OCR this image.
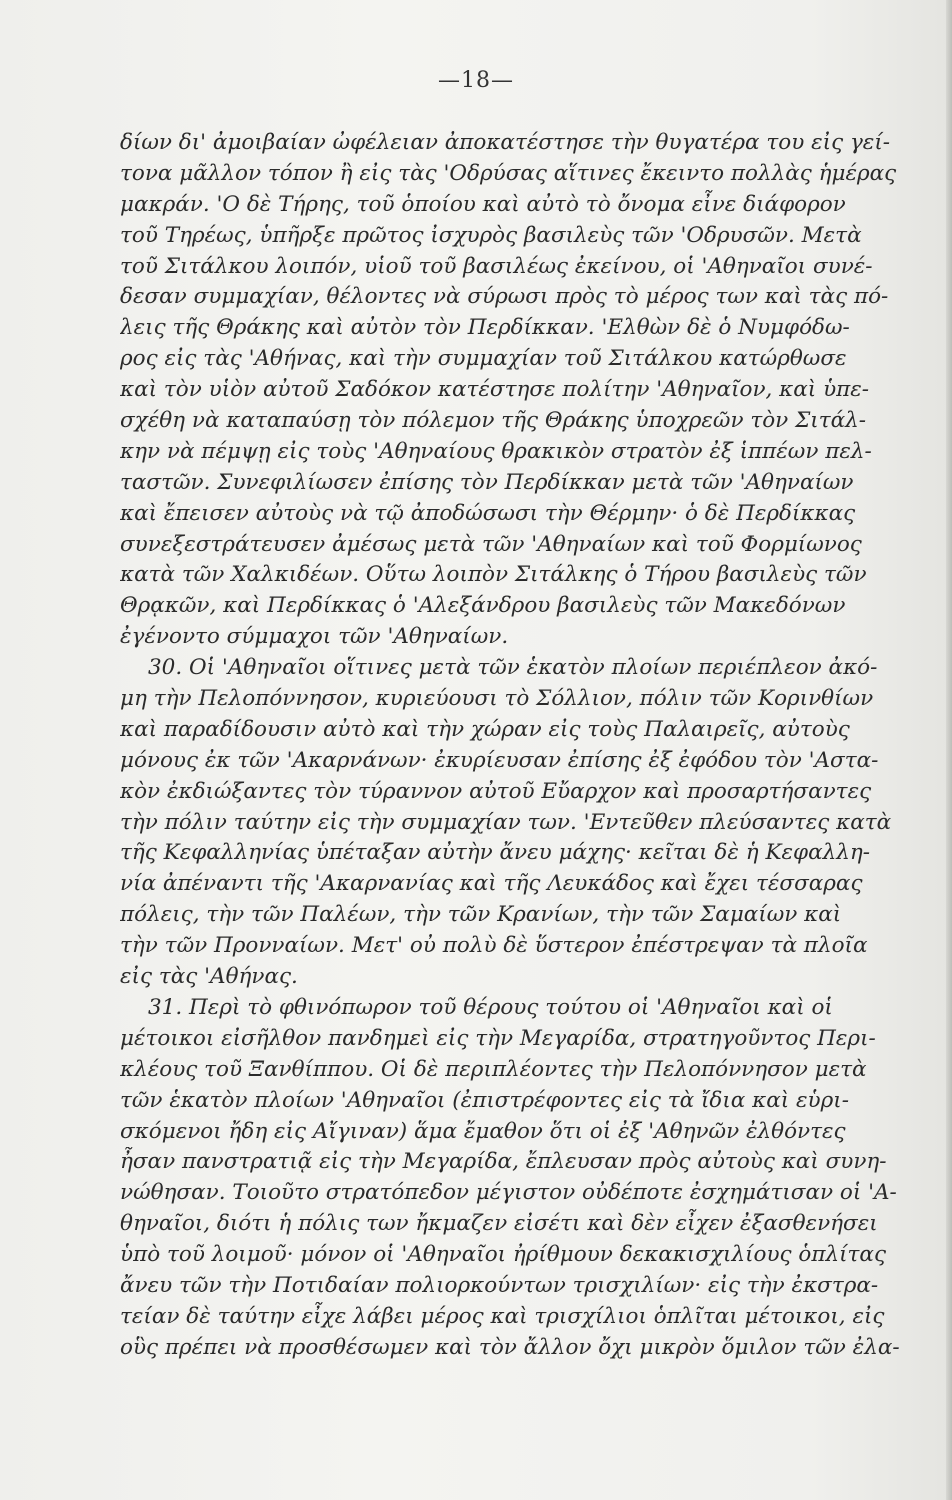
—18—
δίων δι' ἀμοιβαίαν ὠφέλειαν ἀποκατέστησε τὴν θυγατέρα του εἰς γεί-
τονα μᾶλλον τόπον ἢ εἰς τὰς 'Οδρύσας αἵτινες ἔκειντο πολλὰς ἡμέρας
μακράν. 'Ο δὲ Τήρης, τοῦ ὁποίου καὶ αὐτὸ τὸ ὄνομα εἶνε διάφορον
τοῦ Τηρέως, ὑπῆρξε πρῶτος ἰσχυρὸς βασιλεὺς τῶν 'Οδρυσῶν. Μετὰ
τοῦ Σιτάλκου λοιπόν, υἱοῦ τοῦ βασιλέως ἐκείνου, οἱ 'Αθηναῖοι συνέ-
δεσαν συμμαχίαν, θέλοντες νὰ σύρωσι πρὸς τὸ μέρος των καὶ τὰς πό-
λεις τῆς Θράκης καὶ αὐτὸν τὸν Περδίκκαν. 'Ελθὼν δὲ ὁ Νυμφόδω-
ρος εἰς τὰς 'Αθήνας, καὶ τὴν συμμαχίαν τοῦ Σιτάλκου κατώρθωσε
καὶ τὸν υἱὸν αὐτοῦ Σαδόκον κατέστησε πολίτην 'Αθηναῖον, καὶ ὑπε-
σχέθη νὰ καταπαύσῃ τὸν πόλεμον τῆς Θράκης ὑποχρεῶν τὸν Σιτάλ-
κην νὰ πέμψῃ εἰς τοὺς 'Αθηναίους θρακικὸν στρατὸν ἐξ ἱππέων πελ-
ταστῶν. Συνεφιλίωσεν ἐπίσης τὸν Περδίκκαν μετὰ τῶν 'Αθηναίων
καὶ ἔπεισεν αὐτοὺς νὰ τῷ ἀποδώσωσι τὴν Θέρμην· ὁ δὲ Περδίκκας
συνεξεστράτευσεν ἀμέσως μετὰ τῶν 'Αθηναίων καὶ τοῦ Φορμίωνος
κατὰ τῶν Χαλκιδέων. Οὕτω λοιπὸν Σιτάλκης ὁ Τήρου βασιλεὺς τῶν
Θρᾳκῶν, καὶ Περδίκκας ὁ 'Αλεξάνδρου βασιλεὺς τῶν Μακεδόνων
ἐγένοντο σύμμαχοι τῶν 'Αθηναίων.
30. Οἱ 'Αθηναῖοι οἵτινες μετὰ τῶν ἑκατὸν πλοίων περιέπλεον ἀκό-
μη τὴν Πελοπόννησον, κυριεύουσι τὸ Σόλλιον, πόλιν τῶν Κορινθίων
καὶ παραδίδουσιν αὐτὸ καὶ τὴν χώραν εἰς τοὺς Παλαιρεῖς, αὐτοὺς
μόνους ἐκ τῶν 'Ακαρνάνων· ἐκυρίευσαν ἐπίσης ἐξ ἐφόδου τὸν 'Αστα-
κὸν ἐκδιώξαντες τὸν τύραννον αὐτοῦ Εὔαρχον καὶ προσαρτήσαντες
τὴν πόλιν ταύτην εἰς τὴν συμμαχίαν των. 'Εντεῦθεν πλεύσαντες κατὰ
τῆς Κεφαλληνίας ὑπέταξαν αὐτὴν ἄνευ μάχης· κεῖται δὲ ἡ Κεφαλλη-
νία ἀπέναντι τῆς 'Ακαρνανίας καὶ τῆς Λευκάδος καὶ ἔχει τέσσαρας
πόλεις, τὴν τῶν Παλέων, τὴν τῶν Κρανίων, τὴν τῶν Σαμαίων καὶ
τὴν τῶν Προνναίων. Μετ' οὐ πολὺ δὲ ὕστερον ἐπέστρεψαν τὰ πλοῖα
εἰς τὰς 'Αθήνας.
31. Περὶ τὸ φθινόπωρον τοῦ θέρους τούτου οἱ 'Αθηναῖοι καὶ οἱ
μέτοικοι εἰσῆλθον πανδημεὶ εἰς τὴν Μεγαρίδα, στρατηγοῦντος Περι-
κλέους τοῦ Ξανθίππου. Οἱ δὲ περιπλέοντες τὴν Πελοπόννησον μετὰ
τῶν ἑκατὸν πλοίων 'Αθηναῖοι (ἐπιστρέφοντες εἰς τὰ ἴδια καὶ εὑρι-
σκόμενοι ἤδη εἰς Αἴγιναν) ἅμα ἔμαθον ὅτι οἱ ἐξ 'Αθηνῶν ἐλθόντες
ἦσαν πανστρατιᾷ εἰς τὴν Μεγαρίδα, ἔπλευσαν πρὸς αὐτοὺς καὶ συνη-
νώθησαν. Τοιοῦτο στρατόπεδον μέγιστον οὐδέποτε ἐσχημάτισαν οἱ 'Α-
θηναῖοι, διότι ἡ πόλις των ἤκμαζεν εἰσέτι καὶ δὲν εἶχεν ἐξασθενήσει
ὑπὸ τοῦ λοιμοῦ· μόνον οἱ 'Αθηναῖοι ἠρίθμουν δεκακισχιλίους ὁπλίτας
ἄνευ τῶν τὴν Ποτιδαίαν πολιορκούντων τρισχιλίων· εἰς τὴν ἐκστρα-
τείαν δὲ ταύτην εἶχε λάβει μέρος καὶ τρισχίλιοι ὁπλῖται μέτοικοι, εἰς
οὓς πρέπει νὰ προσθέσωμεν καὶ τὸν ἄλλον ὄχι μικρὸν ὅμιλον τῶν ἐλα-
